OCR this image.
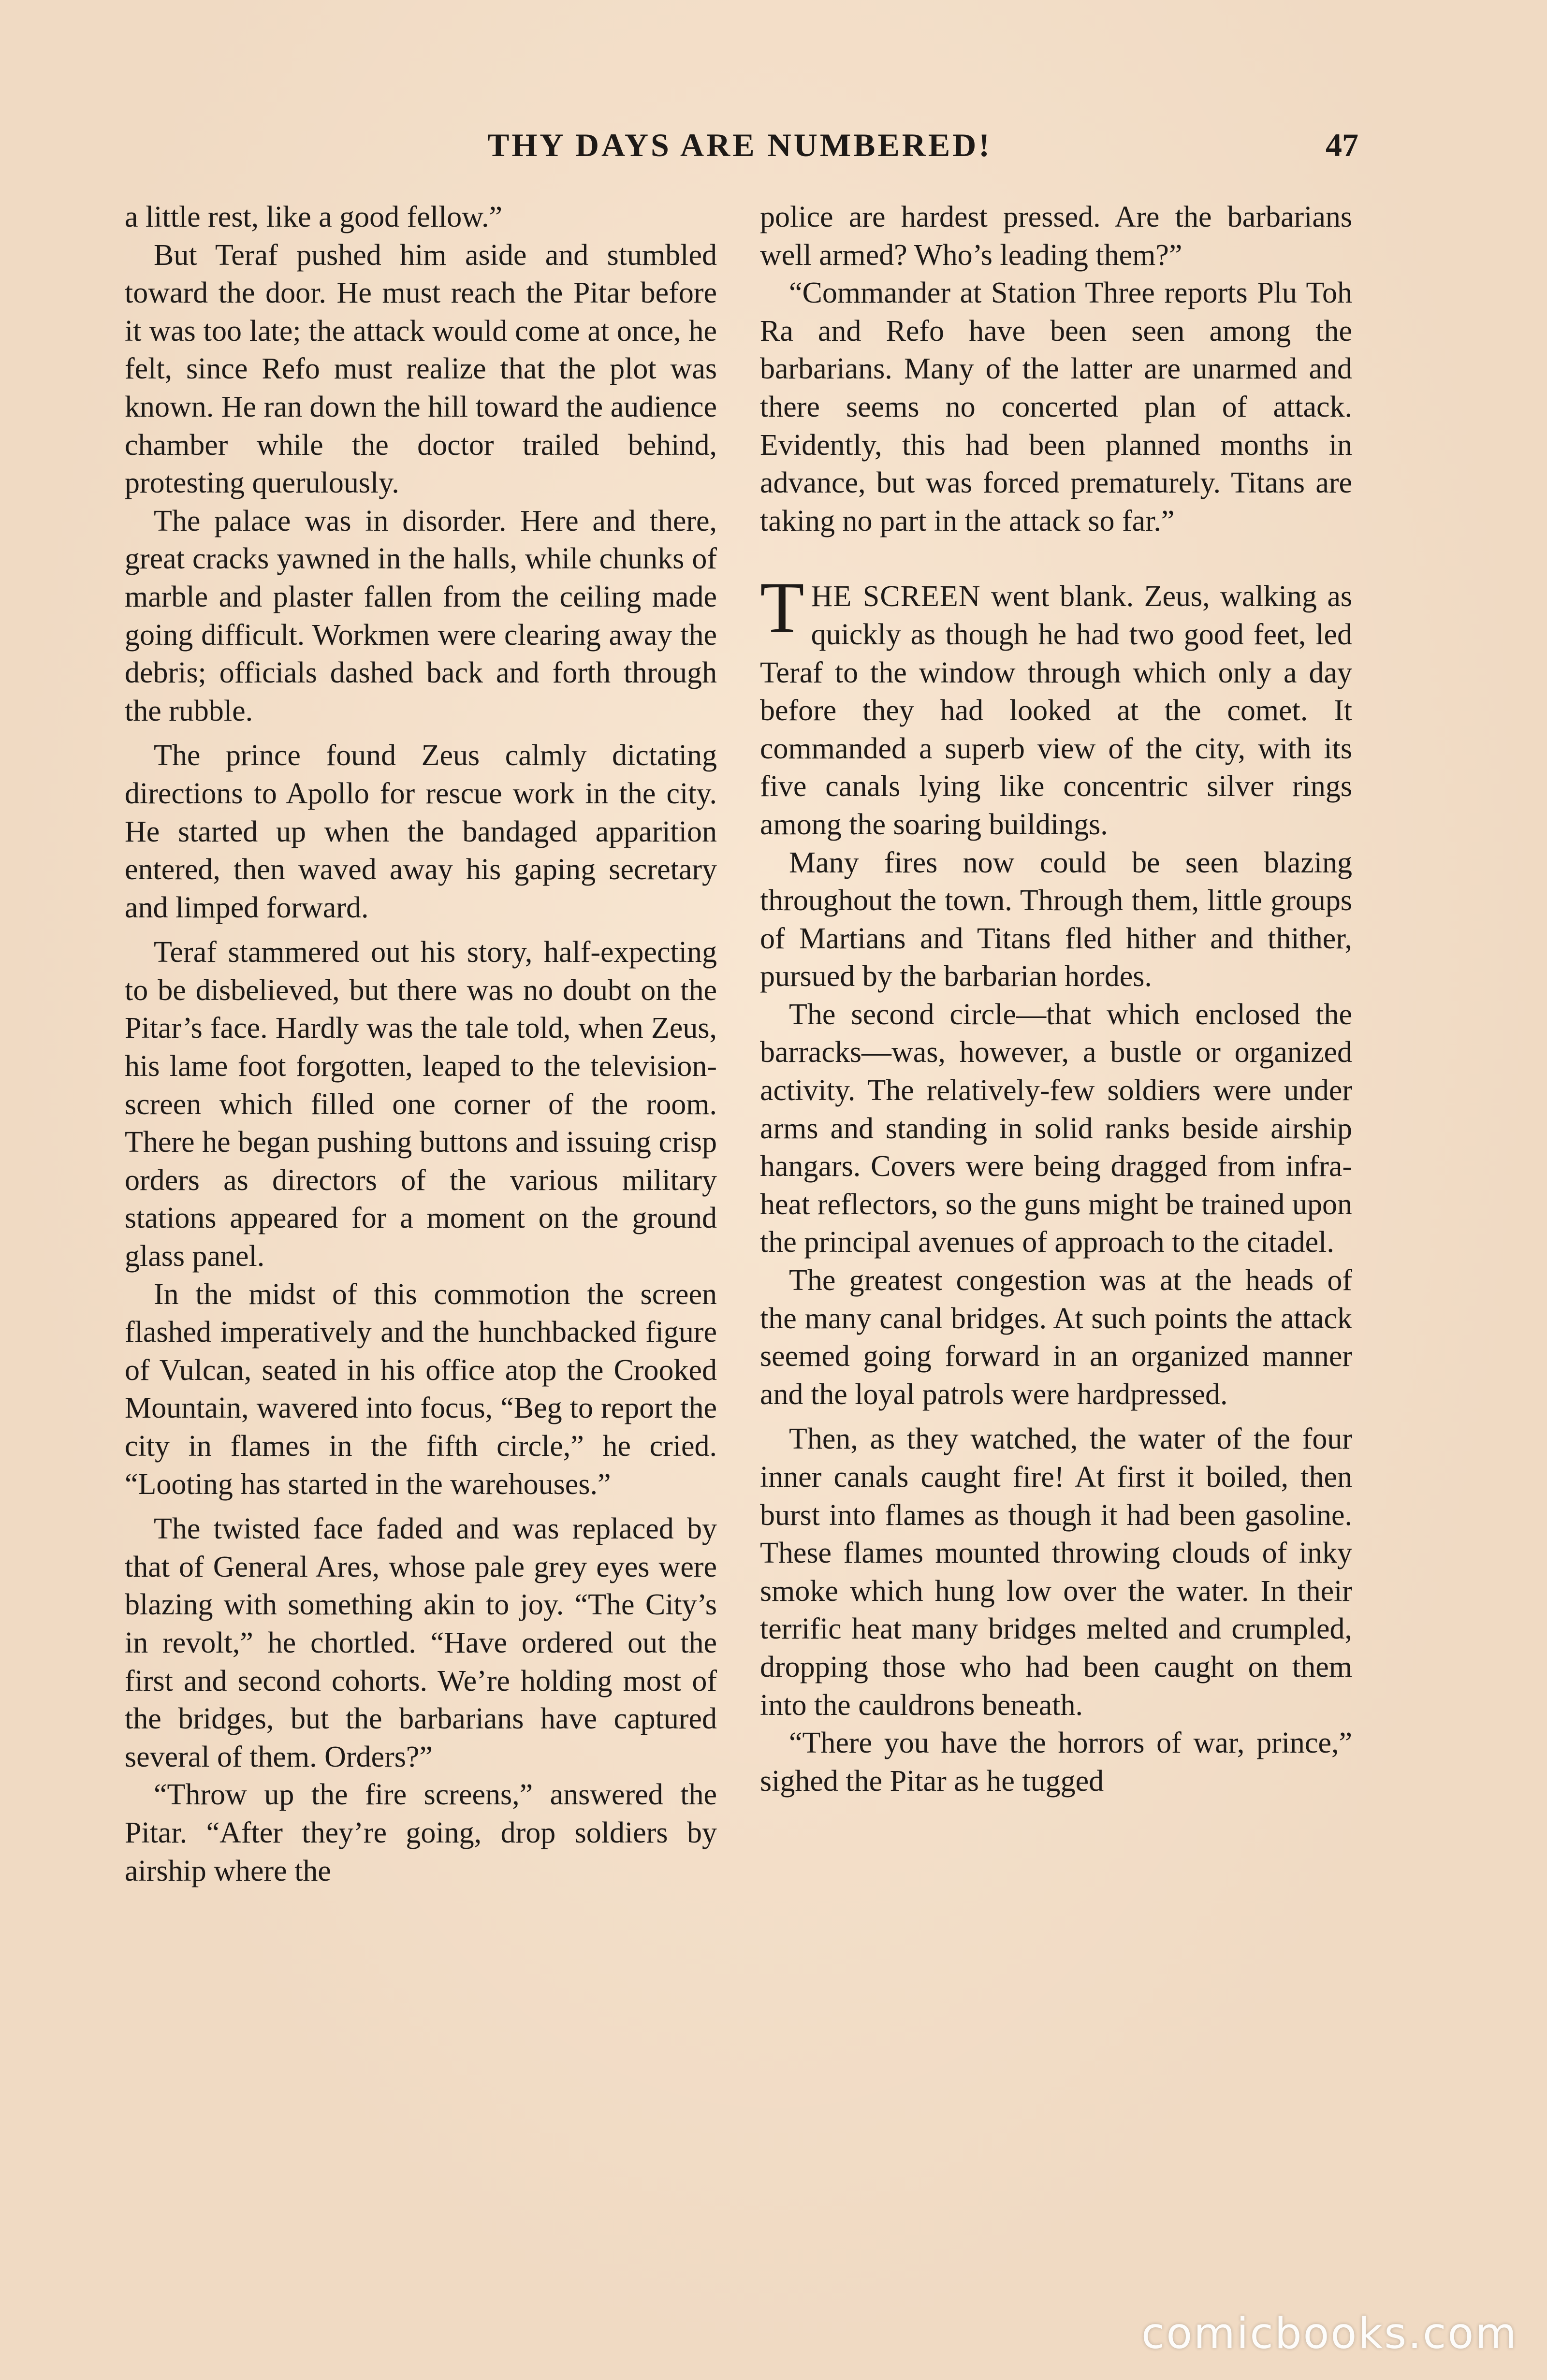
THY DAYS ARE NUMBERED!	47

a little rest, like a good fellow.”

But Teraf pushed him aside and stumbled toward the door. He must reach the Pitar before it was too late; the attack would come at once, he felt, since Refo must realize that the plot was known. He ran down the hill toward the audience chamber while the doctor trailed behind, protesting querulously.

The palace was in disorder. Here and there, great cracks yawned in the halls, while chunks of marble and plaster fallen from the ceiling made going difficult. Workmen were clearing away the debris; officials dashed back and forth through the rubble.

The prince found Zeus calmly dictating directions to Apollo for rescue work in the city. He started up when the bandaged apparition entered, then waved away his gaping secretary and limped forward.

Teraf stammered out his story, half-expecting to be disbelieved, but there was no doubt on the Pitar’s face. Hardly was the tale told, when Zeus, his lame foot forgotten, leaped to the television-screen which filled one corner of the room. There he began pushing buttons and issuing crisp orders as directors of the various military stations appeared for a moment on the ground glass panel.

In the midst of this commotion the screen flashed imperatively and the hunchbacked figure of Vulcan, seated in his office atop the Crooked Mountain, wavered into focus, “Beg to report the city in flames in the fifth circle,” he cried. “Looting has started in the warehouses.”

The twisted face faded and was replaced by that of General Ares, whose pale grey eyes were blazing with something akin to joy. “The City’s in revolt,” he chortled. “Have ordered out the first and second cohorts. We’re holding most of the bridges, but the barbarians have captured several of them. Orders?”

“Throw up the fire screens,” answered the Pitar. “After they’re going, drop soldiers by airship where the

police are hardest pressed. Are the barbarians well armed? Who’s leading them?”

“Commander at Station Three reports Plu Toh Ra and Refo have been seen among the barbarians. Many of the latter are unarmed and there seems no concerted plan of attack. Evidently, this had been planned months in advance, but was forced prematurely. Titans are taking no part in the attack so far.”

THE SCREEN went blank. Zeus, walking as quickly as though he had two good feet, led Teraf to the window through which only a day before they had looked at the comet. It commanded a superb view of the city, with its five canals lying like concentric silver rings among the soaring buildings.

Many fires now could be seen blazing throughout the town. Through them, little groups of Martians and Titans fled hither and thither, pursued by the barbarian hordes.

The second circle—that which enclosed the barracks—was, however, a bustle or organized activity. The relatively-few soldiers were under arms and standing in solid ranks beside airship hangars. Covers were being dragged from infra-heat reflectors, so the guns might be trained upon the principal avenues of approach to the citadel.

The greatest congestion was at the heads of the many canal bridges. At such points the attack seemed going forward in an organized manner and the loyal patrols were hardpressed.

Then, as they watched, the water of the four inner canals caught fire! At first it boiled, then burst into flames as though it had been gasoline. These flames mounted throwing clouds of inky smoke which hung low over the water. In their terrific heat many bridges melted and crumpled, dropping those who had been caught on them into the cauldrons beneath.

“There you have the horrors of war, prince,” sighed the Pitar as he tugged

comicbooks.com
